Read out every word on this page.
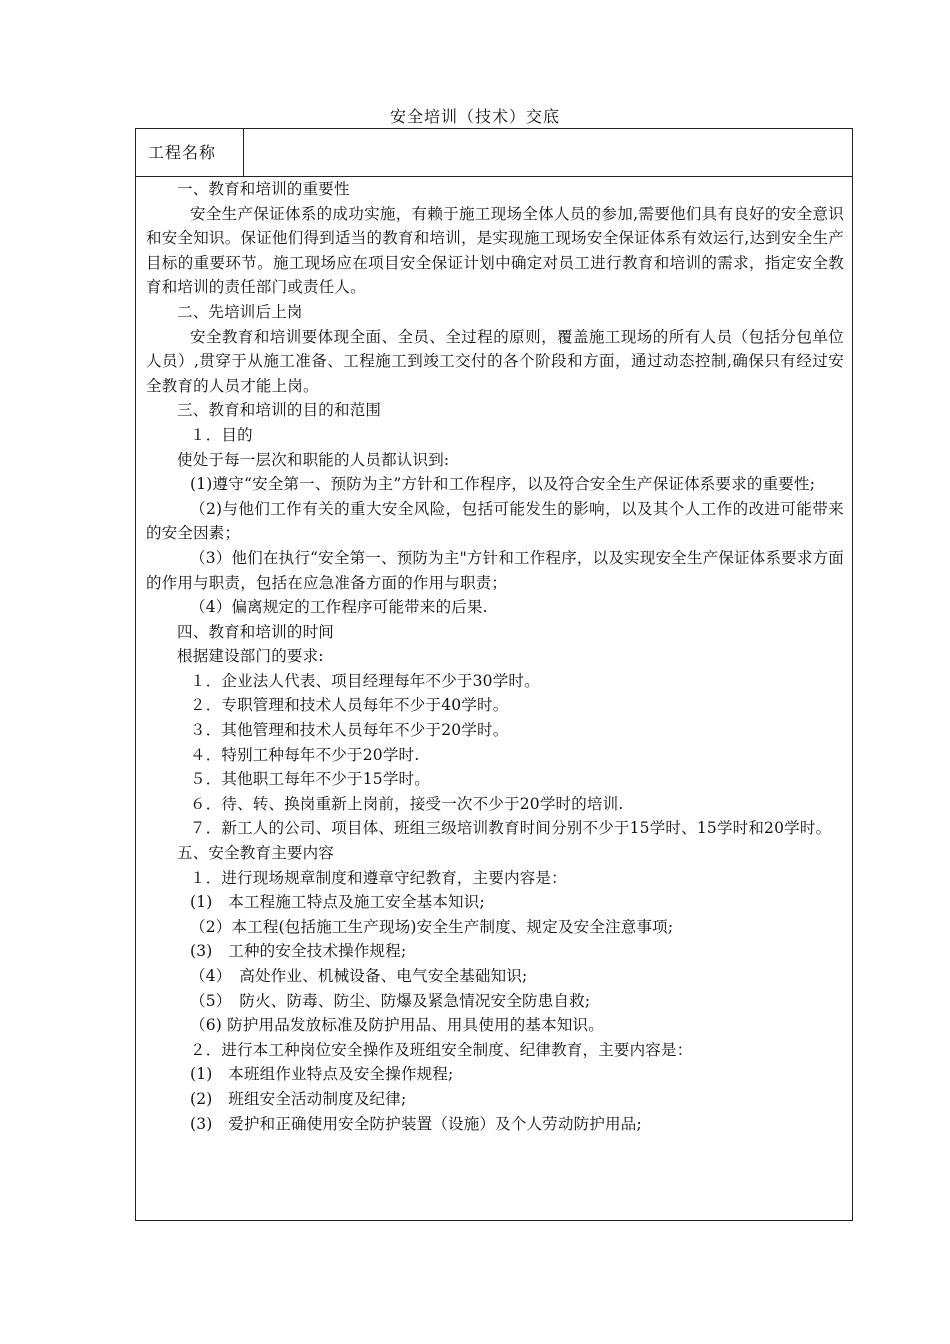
安全培训（技术）交底
工程名称

一、教育和培训的重要性

安全生产保证体系的成功实施，有赖于施工现场全体人员的参加,需要他们具有良好的安全意识和安全知识。保证他们得到适当的教育和培训，是实现施工现场安全保证体系有效运行,达到安全生产目标的重要环节。施工现场应在项目安全保证计划中确定对员工进行教育和培训的需求，指定安全教育和培训的责任部门或责任人。

二、先培训后上岗

安全教育和培训要体现全面、全员、全过程的原则，覆盖施工现场的所有人员（包括分包单位人员）,贯穿于从施工准备、工程施工到竣工交付的各个阶段和方面，通过动态控制,确保只有经过安全教育的人员才能上岗。

三、教育和培训的目的和范围

１．目的

使处于每一层次和职能的人员都认识到:

(1)遵守“安全第一、预防为主”方针和工作程序，以及符合安全生产保证体系要求的重要性;

（2)与他们工作有关的重大安全风险，包括可能发生的影响，以及其个人工作的改进可能带来的安全因素；

（3）他们在执行“安全第一、预防为主"方针和工作程序，以及实现安全生产保证体系要求方面的作用与职责，包括在应急准备方面的作用与职责；

（4）偏离规定的工作程序可能带来的后果.

四、教育和培训的时间

根据建设部门的要求:

１．企业法人代表、项目经理每年不少于30学时。

２．专职管理和技术人员每年不少于40学时。

３．其他管理和技术人员每年不少于20学时。

４．特别工种每年不少于20学时.

５．其他职工每年不少于15学时。

６．待、转、换岗重新上岗前，接受一次不少于20学时的培训.

７．新工人的公司、项目体、班组三级培训教育时间分别不少于15学时、15学时和20学时。

五、安全教育主要内容

１．进行现场规章制度和遵章守纪教育，主要内容是：

(1)　本工程施工特点及施工安全基本知识;

（2）本工程(包括施工生产现场)安全生产制度、规定及安全注意事项;

(3)　工种的安全技术操作规程;

（4）　高处作业、机械设备、电气安全基础知识;

（5）　防火、防毒、防尘、防爆及紧急情况安全防患自救;

（6) 防护用品发放标准及防护用品、用具使用的基本知识。

２．进行本工种岗位安全操作及班组安全制度、纪律教育，主要内容是：

(1)　本班组作业特点及安全操作规程;

(2)　班组安全活动制度及纪律;

(3)　爱护和正确使用安全防护装置（设施）及个人劳动防护用品;
